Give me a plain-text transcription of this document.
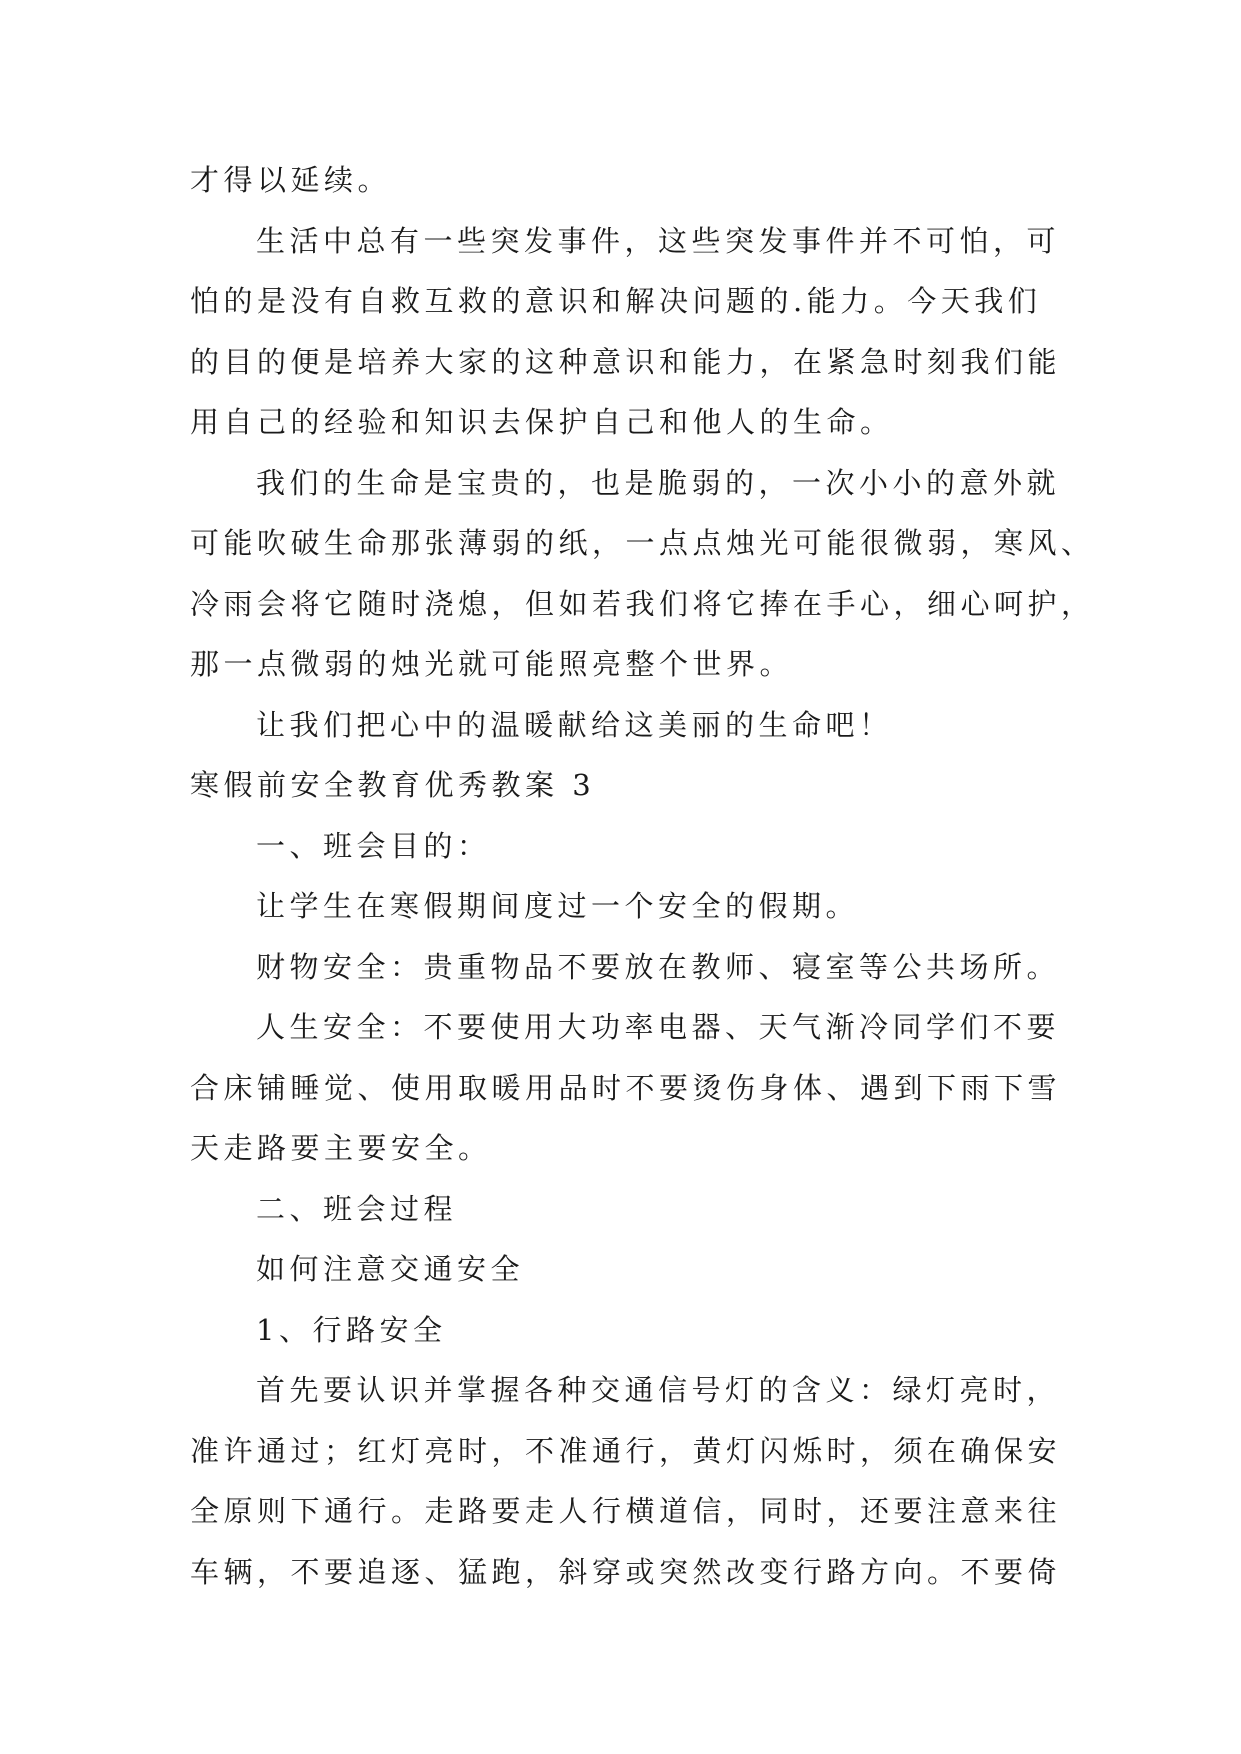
才得以延续。
生活中总有一些突发事件，这些突发事件并不可怕，可
怕的是没有自救互救的意识和解决问题的.能力。今天我们
的目的便是培养大家的这种意识和能力，在紧急时刻我们能
用自己的经验和知识去保护自己和他人的生命。
我们的生命是宝贵的，也是脆弱的，一次小小的意外就
可能吹破生命那张薄弱的纸，一点点烛光可能很微弱，寒风、
冷雨会将它随时浇熄，但如若我们将它捧在手心，细心呵护，
那一点微弱的烛光就可能照亮整个世界。
让我们把心中的温暖献给这美丽的生命吧！
寒假前安全教育优秀教案 3
一、班会目的：
让学生在寒假期间度过一个安全的假期。
财物安全：贵重物品不要放在教师、寝室等公共场所。
人生安全：不要使用大功率电器、天气渐冷同学们不要
合床铺睡觉、使用取暖用品时不要烫伤身体、遇到下雨下雪
天走路要主要安全。
二、班会过程
如何注意交通安全
1、行路安全
首先要认识并掌握各种交通信号灯的含义：绿灯亮时，
准许通过；红灯亮时，不准通行，黄灯闪烁时，须在确保安
全原则下通行。走路要走人行横道信，同时，还要注意来往
车辆，不要追逐、猛跑，斜穿或突然改变行路方向。不要倚
